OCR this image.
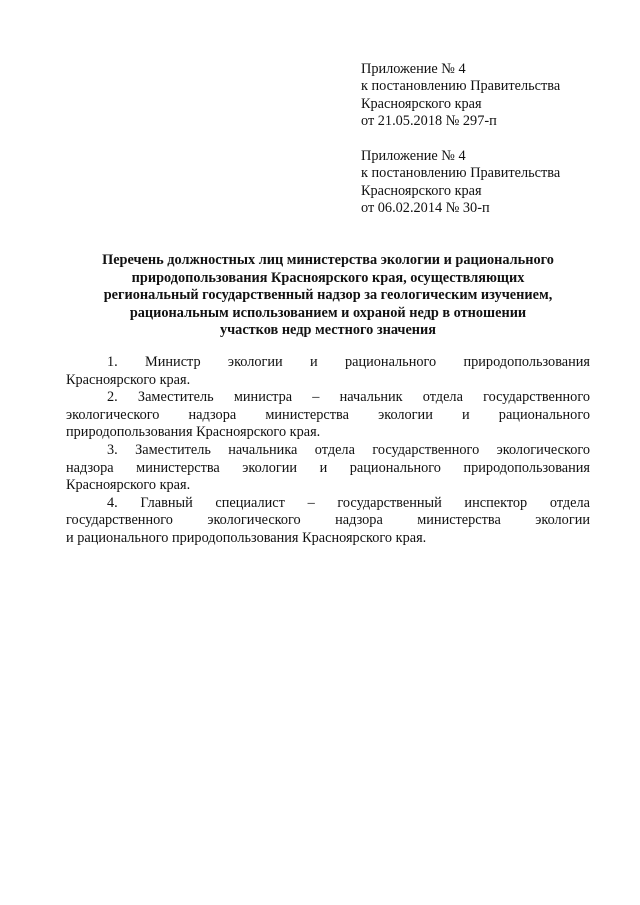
Приложение № 4
к постановлению Правительства
Красноярского края
от 21.05.2018 № 297-п
Приложение № 4
к постановлению Правительства
Красноярского края
от 06.02.2014 № 30-п
Перечень должностных лиц министерства экологии и рационального
природопользования Красноярского края, осуществляющих
региональный государственный надзор за геологическим изучением,
рациональным использованием и охраной недр в отношении
участков недр местного значения
1. Министр экологии и рационального природопользования
Красноярского края.
2. Заместитель министра – начальник отдела государственного
экологического надзора министерства экологии и рационального
природопользования Красноярского края.
3. Заместитель начальника отдела государственного экологического
надзора министерства экологии и рационального природопользования
Красноярского края.
4. Главный специалист – государственный инспектор отдела
государственного экологического надзора министерства экологии
и рационального природопользования Красноярского края.
